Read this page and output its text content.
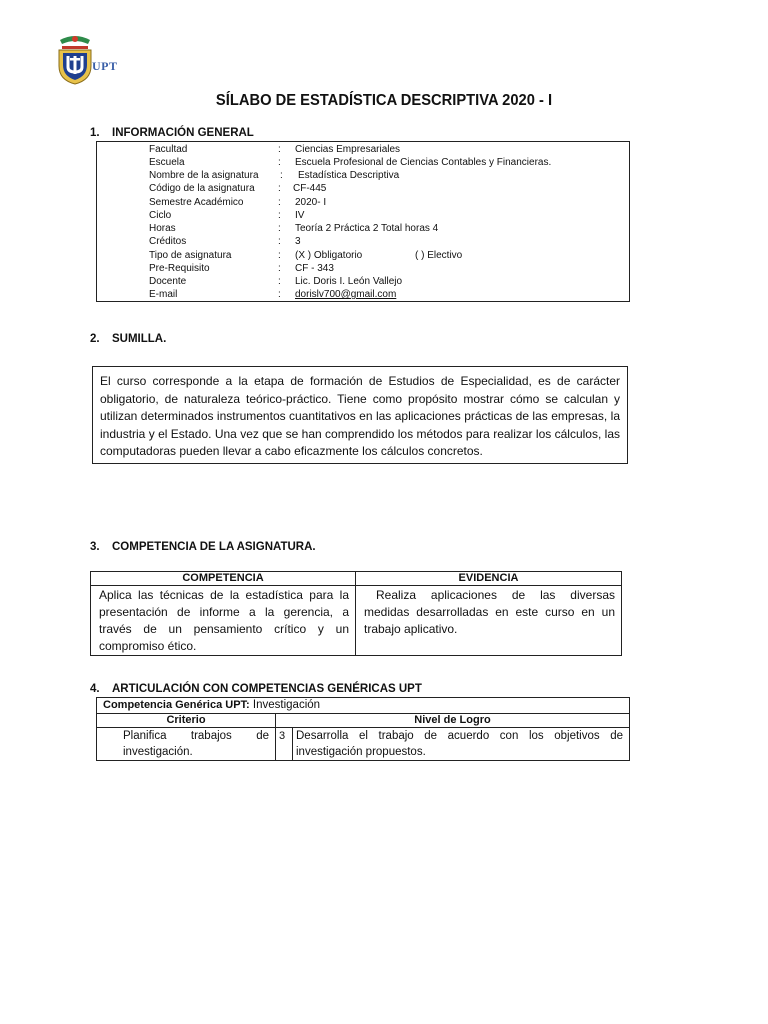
UPT
SÍLABO DE ESTADÍSTICA DESCRIPTIVA 2020 - I
1. INFORMACIÓN GENERAL
Facultad	: Ciencias Empresariales
Escuela	: Escuela Profesional de Ciencias Contables y Financieras.
Nombre de la asignatura : Estadística Descriptiva
Código de la asignatura : CF-445
Semestre Académico	: 2020- I
Ciclo	: IV
Horas	: Teoría 2 Práctica 2 Total horas 4
Créditos	: 3
Tipo de asignatura	: (X ) Obligatorio	( ) Electivo
Pre-Requisito	: CF - 343
Docente	: Lic. Doris I. León Vallejo
E-mail	: dorislv700@gmail.com
2. SUMILLA.
El curso corresponde a la etapa de formación de Estudios de Especialidad, es de carácter obligatorio, de naturaleza teórico-práctico. Tiene como propósito mostrar cómo se calculan y utilizan determinados instrumentos cuantitativos en las aplicaciones prácticas de las empresas, la industria y el Estado. Una vez que se han comprendido los métodos para realizar los cálculos, las computadoras pueden llevar a cabo eficazmente los cálculos concretos.
3. COMPETENCIA DE LA ASIGNATURA.
COMPETENCIA	EVIDENCIA
Aplica las técnicas de la estadística para la presentación de informe a la gerencia, a través de un pensamiento crítico y un compromiso ético.	Realiza aplicaciones de las diversas medidas desarrolladas en este curso en un trabajo aplicativo.
4. ARTICULACIÓN CON COMPETENCIAS GENÉRICAS UPT
Competencia Genérica UPT: Investigación		
Criterio	Nivel de Logro	
Planifica trabajos de investigación.	3	Desarrolla el trabajo de acuerdo con los objetivos de investigación propuestos.
